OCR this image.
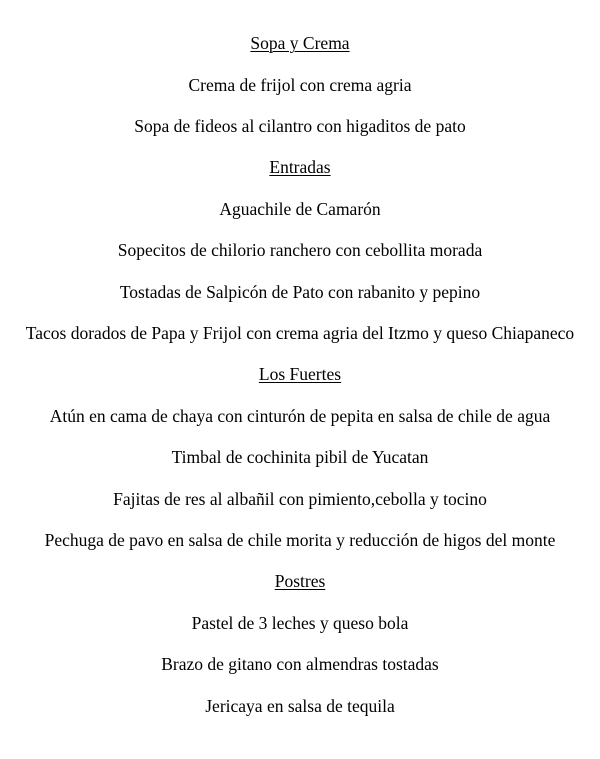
Sopa y Crema
Crema de frijol con crema agria
Sopa de fideos al cilantro con higaditos de pato
Entradas
Aguachile de Camarón
Sopecitos de chilorio ranchero con cebollita morada
Tostadas de Salpicón de Pato con rabanito y pepino
Tacos dorados de Papa y Frijol con crema agria del Itzmo y queso Chiapaneco
Los Fuertes
Atún en cama de chaya con cinturón de pepita en salsa de chile de agua
Timbal de cochinita pibil de Yucatan
Fajitas de res al albañil con pimiento,cebolla y tocino
Pechuga de pavo en salsa de chile morita y reducción de higos del monte
Postres
Pastel de 3 leches y queso bola
Brazo de gitano con almendras tostadas
Jericaya en salsa de tequila
